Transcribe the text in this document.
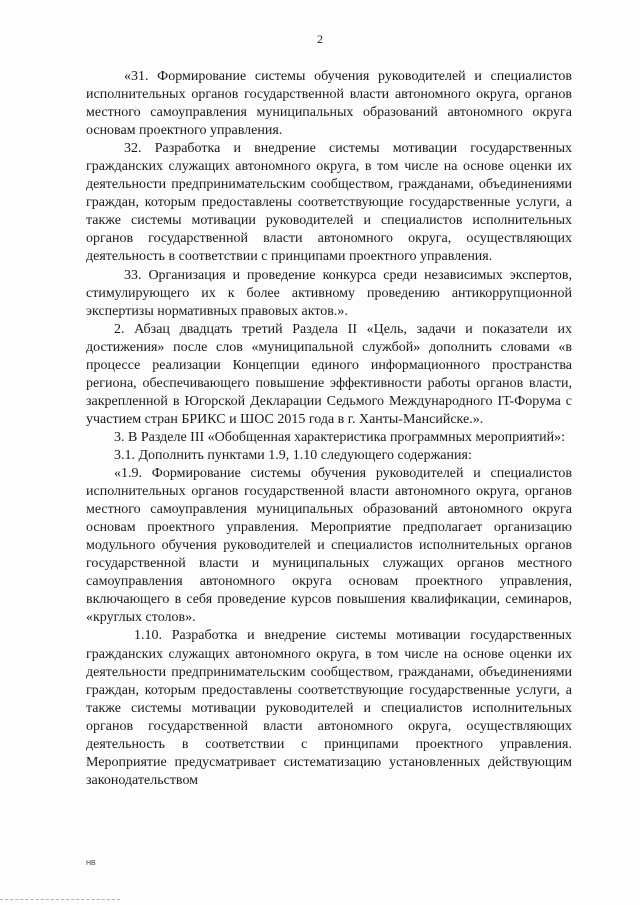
2

«31. Формирование системы обучения руководителей и специалистов исполнительных органов государственной власти автономного округа, органов местного самоуправления муниципальных образований автономного округа основам проектного управления.

32. Разработка и внедрение системы мотивации государственных гражданских служащих автономного округа, в том числе на основе оценки их деятельности предпринимательским сообществом, гражданами, объединениями граждан, которым предоставлены соответствующие государственные услуги, а также системы мотивации руководителей и специалистов исполнительных органов государственной власти автономного округа, осуществляющих деятельность в соответствии с принципами проектного управления.

33. Организация и проведение конкурса среди независимых экспертов, стимулирующего их к более активному проведению антикоррупционной экспертизы нормативных правовых актов.».

2. Абзац двадцать третий Раздела II «Цель, задачи и показатели их достижения» после слов «муниципальной службой» дополнить словами «в процессе реализации Концепции единого информационного пространства региона, обеспечивающего повышение эффективности работы органов власти, закрепленной в Югорской Декларации Седьмого Международного IT-Форума с участием стран БРИКС и ШОС 2015 года в г. Ханты-Мансийске.».

3. В Разделе III «Обобщенная характеристика программных мероприятий»:

3.1. Дополнить пунктами 1.9, 1.10 следующего содержания:

«1.9. Формирование системы обучения руководителей и специалистов исполнительных органов государственной власти автономного округа, органов местного самоуправления муниципальных образований автономного округа основам проектного управления. Мероприятие предполагает организацию модульного обучения руководителей и специалистов исполнительных органов государственной власти и муниципальных служащих органов местного самоуправления автономного округа основам проектного управления, включающего в себя проведение курсов повышения квалификации, семинаров, «круглых столов».

1.10. Разработка и внедрение системы мотивации государственных гражданских служащих автономного округа, в том числе на основе оценки их деятельности предпринимательским сообществом, гражданами, объединениями граждан, которым предоставлены соответствующие государственные услуги, а также системы мотивации руководителей и специалистов исполнительных органов государственной власти автономного округа, осуществляющих деятельность в соответствии с принципами проектного управления. Мероприятие предусматривает систематизацию установленных действующим законодательством

НВ
